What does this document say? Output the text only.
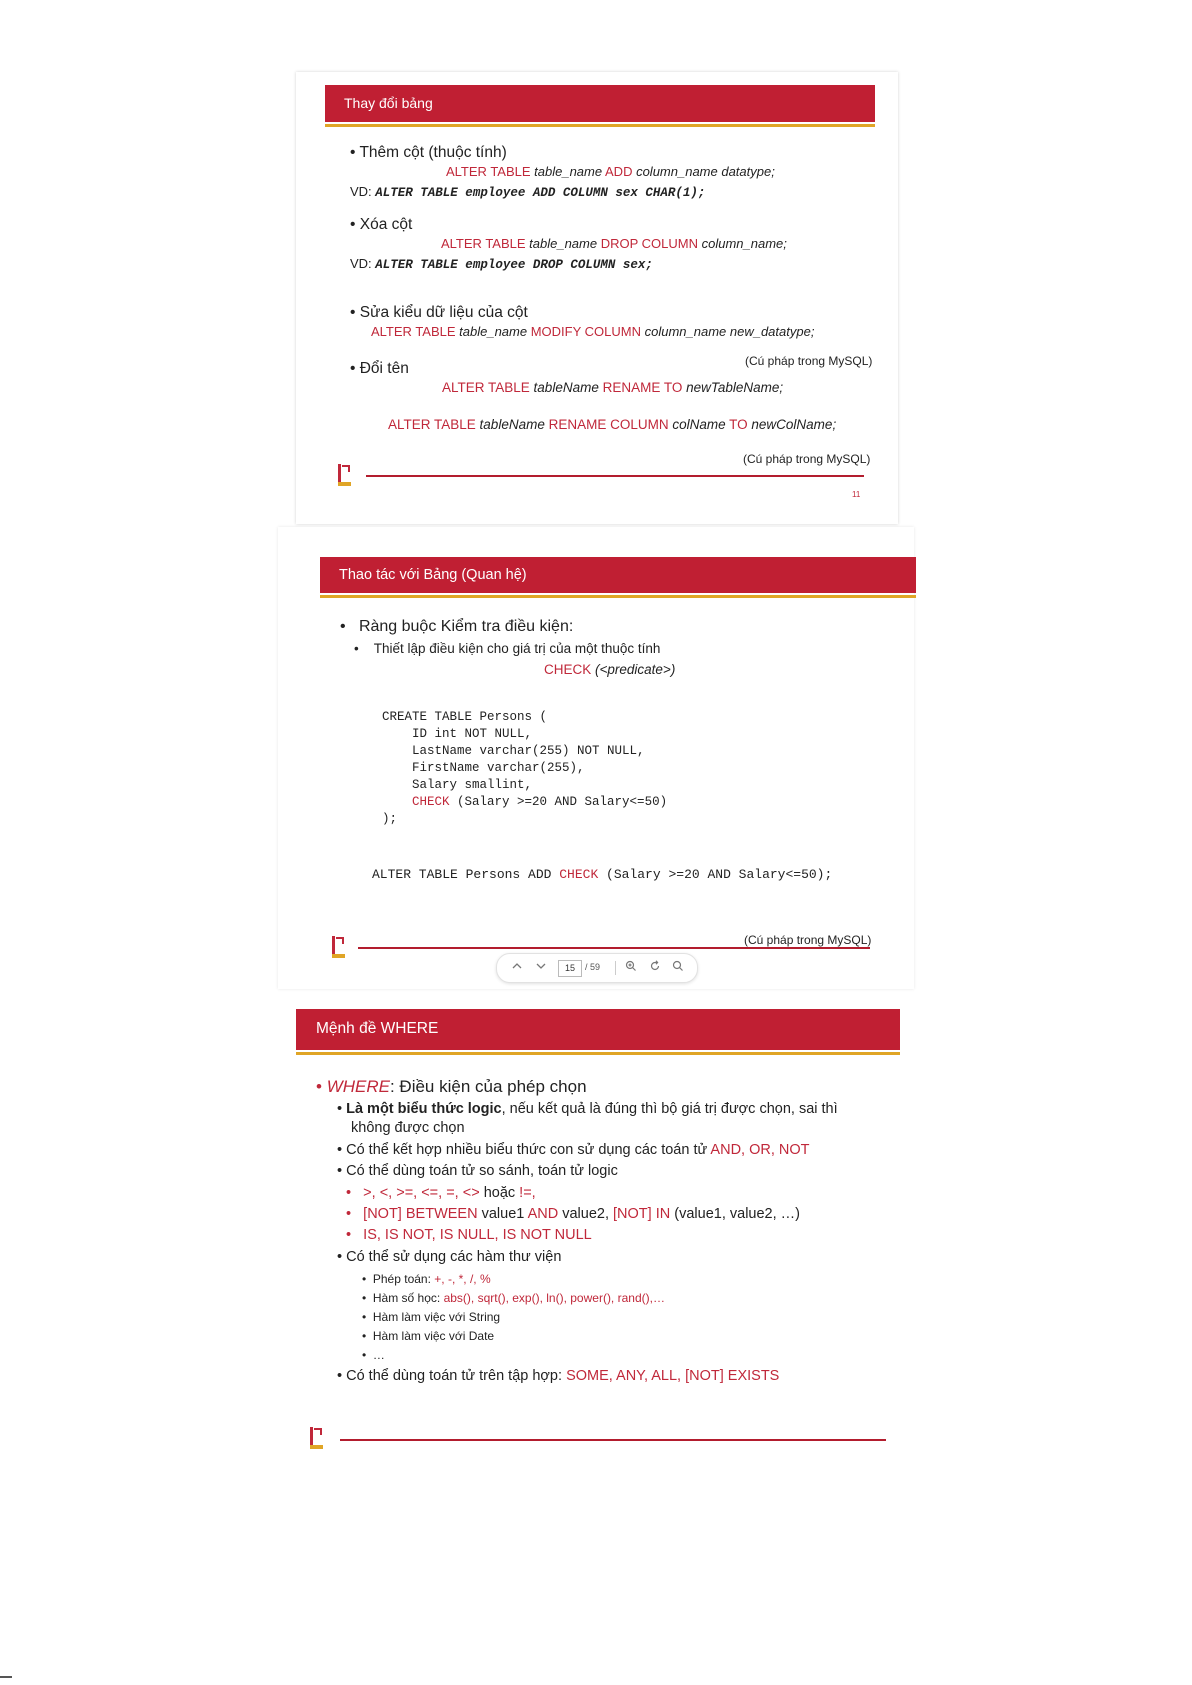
Thay đổi bảng
• Thêm cột (thuộc tính)
ALTER TABLE table_name ADD column_name datatype;
VD: ALTER TABLE employee ADD COLUMN sex CHAR(1);
• Xóa cột
ALTER TABLE table_name DROP COLUMN column_name;
VD: ALTER TABLE employee DROP COLUMN sex;
• Sửa kiểu dữ liệu của cột
ALTER TABLE table_name MODIFY COLUMN column_name new_datatype;
(Cú pháp trong MySQL)
• Đổi tên
ALTER TABLE tableName RENAME TO newTableName;
ALTER TABLE tableName RENAME COLUMN colName TO newColName;
(Cú pháp trong MySQL)
11
Thao tác với Bảng (Quan hệ)
•   Ràng buộc Kiểm tra điều kiện:
•    Thiết lập điều kiện cho giá trị của một thuộc tính
CHECK (<predicate>)
CREATE TABLE Persons (
ID int NOT NULL,
LastName varchar(255) NOT NULL,
FirstName varchar(255),
Salary smallint,
CHECK (Salary >=20 AND Salary<=50)
);
ALTER TABLE Persons ADD CHECK (Salary >=20 AND Salary<=50);
(Cú pháp trong MySQL)
15	/ 59
Mệnh đề WHERE
• WHERE: Điều kiện của phép chọn
• Là một biểu thức logic, nếu kết quả là đúng thì bộ giá trị được chọn, sai thì
không được chọn
• Có thể kết hợp nhiều biểu thức con sử dụng các toán tử AND, OR, NOT
• Có thể dùng toán tử so sánh, toán tử logic
•   >, <, >=, <=, =, <> hoặc !=,
•   [NOT] BETWEEN value1 AND value2, [NOT] IN (value1, value2, …)
•   IS, IS NOT, IS NULL, IS NOT NULL
• Có thể sử dụng các hàm thư viện
•  Phép toán: +, -, *, /, %
•  Hàm số học: abs(), sqrt(), exp(), ln(), power(), rand(),…
•  Hàm làm việc với String
•  Hàm làm việc với Date
•  …
• Có thể dùng toán tử trên tập hợp: SOME, ANY, ALL, [NOT] EXISTS
